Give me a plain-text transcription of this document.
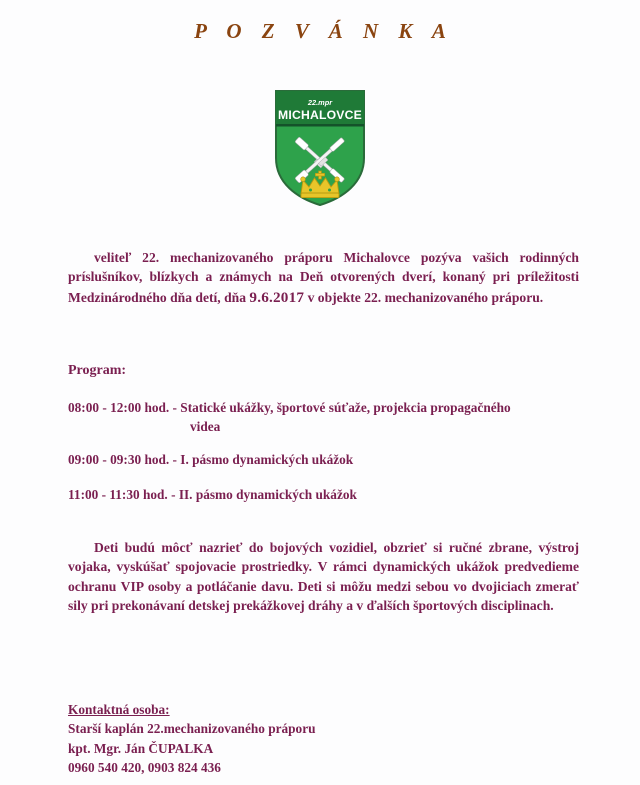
P O Z V Á N K A
22.mpr
MICHALOVCE
veliteľ 22. mechanizovaného práporu Michalovce pozýva vašich rodinných príslušníkov, blízkych a známych na Deň otvorených dverí, konaný pri príležitosti Medzinárodného dňa detí, dňa 9.6.2017 v objekte 22. mechanizovaného práporu.
Program:
08:00 - 12:00 hod. - Statické ukážky, športové súťaže, projekcia propagačného
videa
09:00 - 09:30 hod. - I. pásmo dynamických ukážok
11:00 - 11:30 hod. - II. pásmo dynamických ukážok
Deti budú môcť nazrieť do bojových vozidiel, obzrieť si ručné zbrane, výstroj vojaka, vyskúšať spojovacie prostriedky. V rámci dynamických ukážok predvedieme ochranu VIP osoby a potláčanie davu. Deti si môžu medzi sebou vo dvojiciach zmerať sily pri prekonávaní detskej prekážkovej dráhy a v ďalších športových disciplinach.
Kontaktná osoba:
Starší kaplán 22.mechanizovaného práporu
kpt. Mgr. Ján ČUPALKA
0960 540 420, 0903 824 436
